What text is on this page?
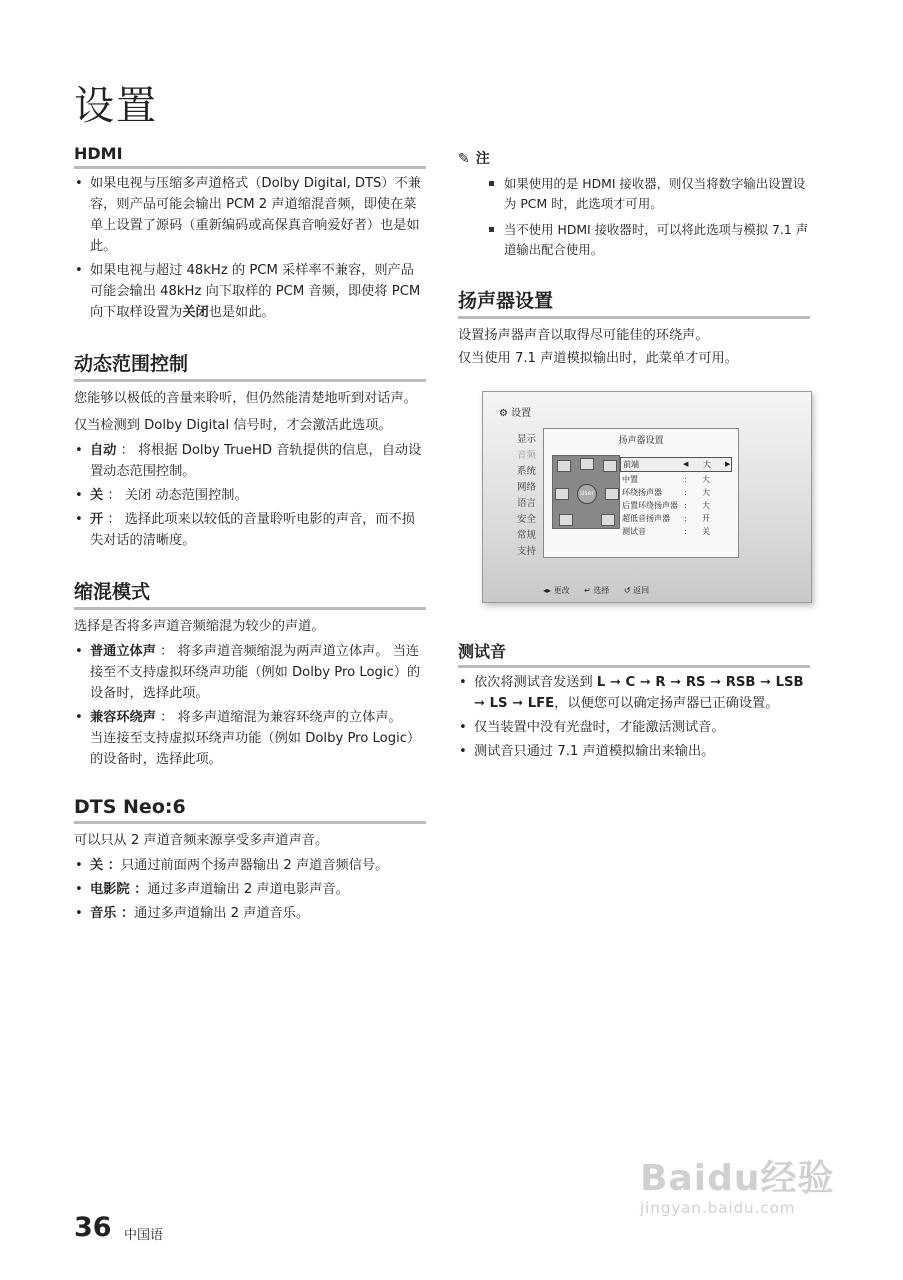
设置
HDMI
• 如果电视与压缩多声道格式（Dolby Digital, DTS）不兼容，则产品可能会输出 PCM 2 声道缩混音频，即使在菜单上设置了源码（重新编码或高保真音响爱好者）也是如此。
• 如果电视与超过 48kHz 的 PCM 采样率不兼容，则产品可能会输出 48kHz 向下取样的 PCM 音频，即使将 PCM 向下取样设置为关闭也是如此。
动态范围控制

您能够以极低的音量来聆听，但仍然能清楚地听到对话声。

仅当检测到 Dolby Digital 信号时，才会激活此选项。

• 自动 ： 将根据 Dolby TrueHD 音轨提供的信息，自动设置动态范围控制。
• 关 ： 关闭 动态范围控制。
• 开 ： 选择此项来以较低的音量聆听电影的声音，而不损失对话的清晰度。
缩混模式

选择是否将多声道音频缩混为较少的声道。

• 普通立体声 ： 将多声道音频缩混为两声道立体声。 当连接至不支持虚拟环绕声功能（例如 Dolby Pro Logic）的设备时，选择此项。
• 兼容环绕声 ： 将多声道缩混为兼容环绕声的立体声。
当连接至支持虚拟环绕声功能（例如 Dolby Pro Logic）的设备时，选择此项。
DTS Neo:6

可以只从 2 声道音频来源享受多声道声音。

• 关 ：只通过前面两个扬声器输出 2 声道音频信号。
• 电影院 ：通过多声道输出 2 声道电影声音。
• 音乐 ：通过多声道输出 2 声道音乐。
✎ 注
如果使用的是 HDMI 接收器，则仅当将数字输出设置设为 PCM 时，此选项才可用。
当不使用 HDMI 接收器时，可以将此选项与模拟 7.1 声道输出配合使用。
扬声器设置

设置扬声器声音以取得尽可能佳的环绕声。

仅当使用 7.1 声道模拟输出时，此菜单才可用。

⚙ 设置
显示
音频
系统
网络
语言
安全
常规
支持
扬声器设置
User
前端	◀ 大 ▶
中置	: 大
环绕扬声器	: 大
后置环绕扬声器 : 大
超低音扬声器 : 开
测试音	: 关
◂▸ 更改 ↵ 选择 ↺ 返回
测试音
• 依次将测试音发送到 L ➞ C ➞ R ➞ RS ➞ RSB ➞ LSB ➞ LS ➞ LFE，以便您可以确定扬声器已正确设置。
• 仅当装置中没有光盘时，才能激活测试音。
• 测试音只通过 7.1 声道模拟输出来输出。
36 中国语
Baidu经验
jingyan.baidu.com
